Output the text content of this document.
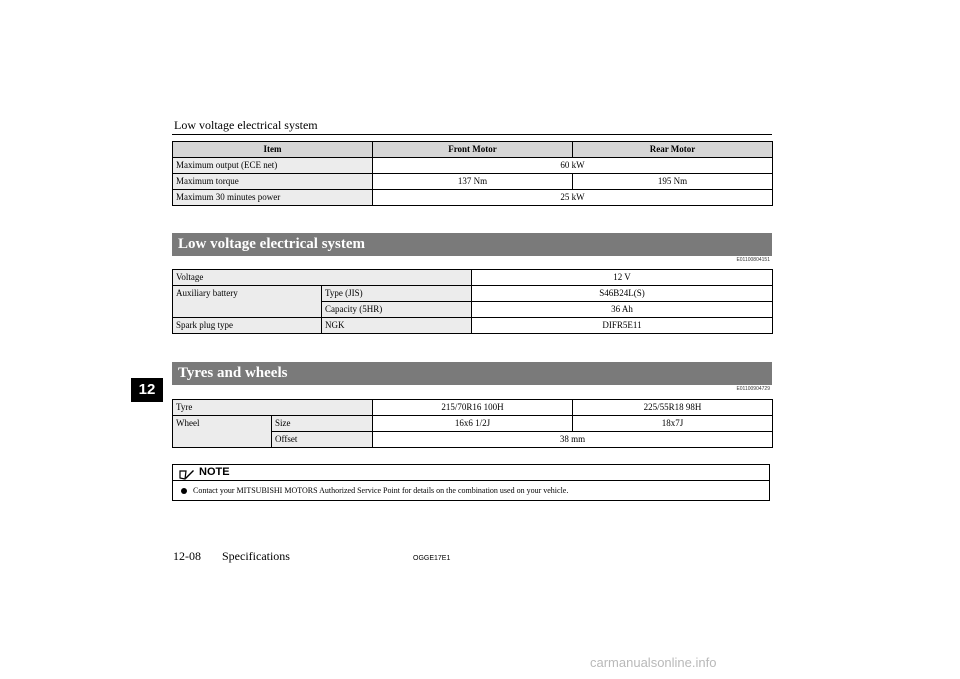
Low voltage electrical system
Item	Front Motor	Rear Motor
Maximum output (ECE net)	60 kW	
Maximum torque	137 Nm	195 Nm
Maximum 30 minutes power	25 kW	
Low voltage electrical system
E01100804151
Voltage		12 V
Auxiliary battery	Type (JIS)	S46B24L(S)
	Capacity (5HR)	36 Ah
Spark plug type	NGK	DIFR5E11
12
Tyres and wheels
E01100904729
Tyre		215/70R16 100H	225/55R18 98H
Wheel	Size	16x6 1/2J	18x7J
	Offset	38 mm	
NOTE
Contact your MITSUBISHI MOTORS Authorized Service Point for details on the combination used on your vehicle.
12-08 Specifications	OGGE17E1
carmanualsonline.info
